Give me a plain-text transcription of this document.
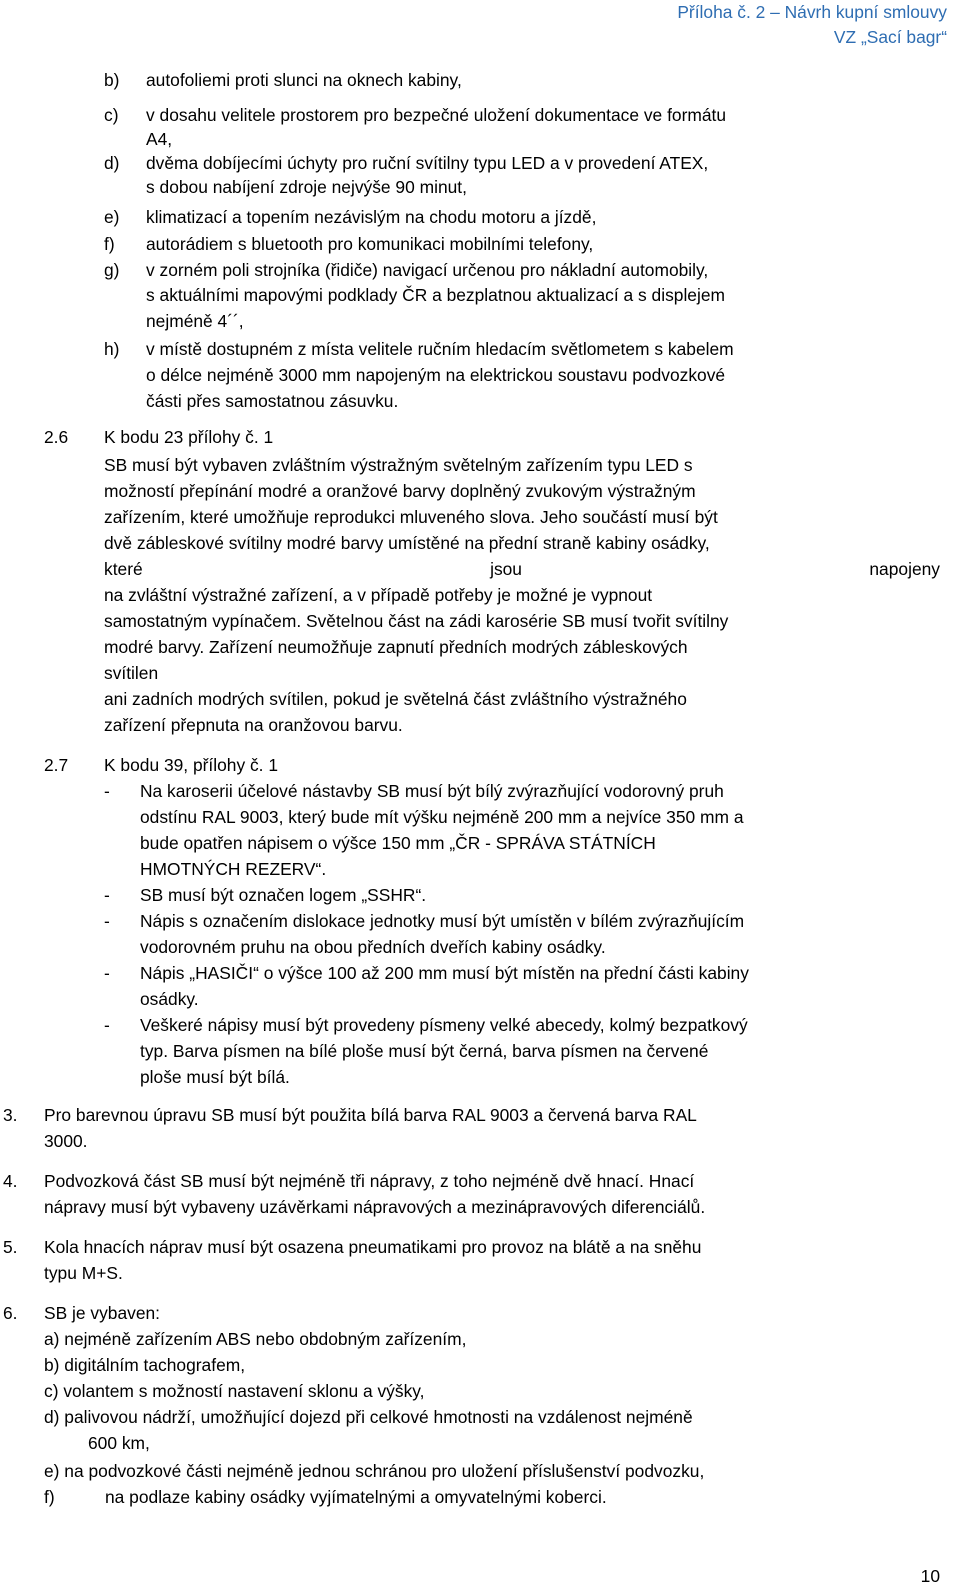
Příloha č. 2 – Návrh kupní smlouvy
VZ „Sací bagr“
b) autofoliemi proti slunci na oknech kabiny,
c) v dosahu velitele prostorem pro bezpečné uložení dokumentace ve formátu
A4,
d) dvěma dobíjecími úchyty pro ruční svítilny typu LED a v provedení ATEX,
s dobou nabíjení zdroje nejvýše 90 minut,
e) klimatizací a topením nezávislým na chodu motoru a jízdě,
f) autorádiem s bluetooth pro komunikaci mobilními telefony,
g) v zorném poli strojníka (řidiče) navigací určenou pro nákladní automobily,
s aktuálními mapovými podklady ČR a bezplatnou aktualizací a s displejem
nejméně 4´´,
h) v místě dostupném z místa velitele ručním hledacím světlometem s kabelem
o délce nejméně 3000 mm napojeným na elektrickou soustavu podvozkové
části přes samostatnou zásuvku.
2.6 K bodu 23 přílohy č. 1
SB musí být vybaven zvláštním výstražným světelným zařízením typu LED s
možností přepínání modré a oranžové barvy doplněný zvukovým výstražným
zařízením, které umožňuje reprodukci mluveného slova. Jeho součástí musí být
dvě zábleskové svítilny modré barvy umístěné na přední straně kabiny osádky,
které	jsou	napojeny
na zvláštní výstražné zařízení, a v případě potřeby je možné je vypnout
samostatným vypínačem. Světelnou část na zádi karosérie SB musí tvořit svítilny
modré barvy. Zařízení neumožňuje zapnutí předních modrých zábleskových
svítilen
ani zadních modrých svítilen, pokud je světelná část zvláštního výstražného
zařízení přepnuta na oranžovou barvu.
2.7 K bodu 39, přílohy č. 1
- Na karoserii účelové nástavby SB musí být bílý zvýrazňující vodorovný pruh
odstínu RAL 9003, který bude mít výšku nejméně 200 mm a nejvíce 350 mm a
bude opatřen nápisem o výšce 150 mm „ČR - SPRÁVA STÁTNÍCH
HMOTNÝCH REZERV“.
- SB musí být označen logem „SSHR“.
- Nápis s označením dislokace jednotky musí být umístěn v bílém zvýrazňujícím
vodorovném pruhu na obou předních dveřích kabiny osádky.
- Nápis „HASIČI“ o výšce 100 až 200 mm musí být místěn na přední části kabiny
osádky.
- Veškeré nápisy musí být provedeny písmeny velké abecedy, kolmý bezpatkový
typ. Barva písmen na bílé ploše musí být černá, barva písmen na červené
ploše musí být bílá.
3. Pro barevnou úpravu SB musí být použita bílá barva RAL 9003 a červená barva RAL
3000.
4. Podvozková část SB musí být nejméně tři nápravy, z toho nejméně dvě hnací. Hnací
nápravy musí být vybaveny uzávěrkami nápravových a mezinápravových diferenciálů.
5. Kola hnacích náprav musí být osazena pneumatikami pro provoz na blátě a na sněhu
typu M+S.
6. SB je vybaven:
a) nejméně zařízením ABS nebo obdobným zařízením,
b) digitálním tachografem,
c) volantem s možností nastavení sklonu a výšky,
d) palivovou nádrží, umožňující dojezd při celkové hmotnosti na vzdálenost nejméně
600 km,
e) na podvozkové části nejméně jednou schránou pro uložení příslušenství podvozku,
f)	na podlaze kabiny osádky vyjímatelnými a omyvatelnými koberci.
10
